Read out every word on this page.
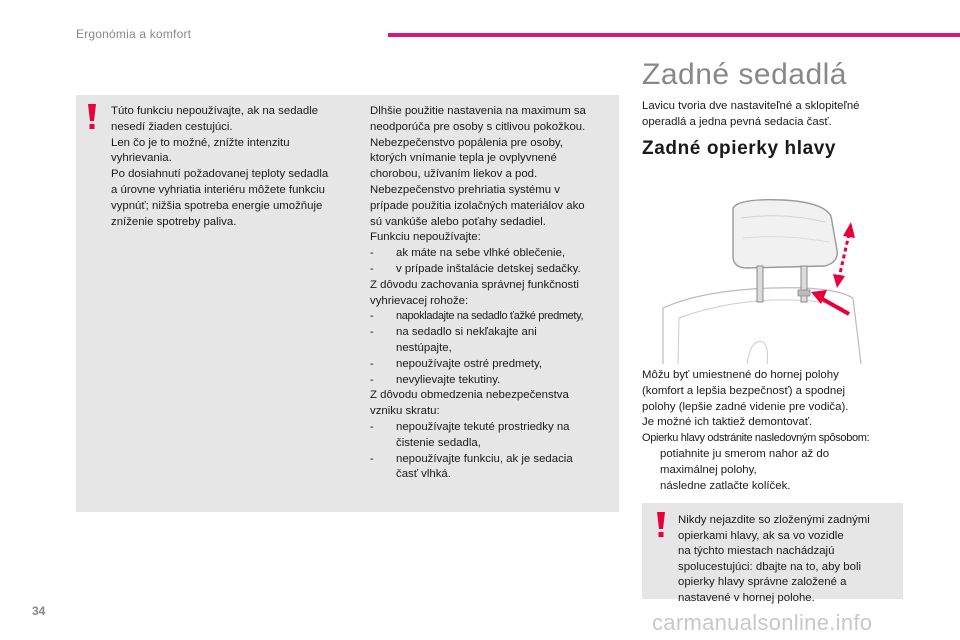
Ergonómia a komfort
Túto funkciu nepoužívajte, ak na sedadle
nesedí žiaden cestujúci.
Len čo je to možné, znížte intenzitu
vyhrievania.
Po dosiahnutí požadovanej teploty sedadla
a úrovne vyhriatia interiéru môžete funkciu
vypnúť; nižšia spotreba energie umožňuje
zníženie spotreby paliva.
Dlhšie použitie nastavenia na maximum sa
neodporúča pre osoby s citlivou pokožkou.
Nebezpečenstvo popálenia pre osoby,
ktorých vnímanie tepla je ovplyvnené
chorobou, užívaním liekov a pod.
Nebezpečenstvo prehriatia systému v
prípade použitia izolačných materiálov ako
sú vankúše alebo poťahy sedadiel.
Funkciu nepoužívajte:
-	ak máte na sebe vlhké oblečenie,
-	v prípade inštalácie detskej sedačky.
Z dôvodu zachovania správnej funkčnosti
vyhrievacej rohože:
-	napokladajte na sedadlo ťažké predmety,
-	na sedadlo si nekľakajte ani
nestúpajte,
-	nepoužívajte ostré predmety,
-	nevylievajte tekutiny.
Z dôvodu obmedzenia nebezpečenstva
vzniku skratu:
-	nepoužívajte tekuté prostriedky na
čistenie sedadla,
-	nepoužívajte funkciu, ak je sedacia
časť vlhká.
Zadné sedadlá
Lavicu tvoria dve nastaviteľné a sklopiteľné
operadlá a jedna pevná sedacia časť.
Zadné opierky hlavy
Môžu byť umiestnené do hornej polohy
(komfort a lepšia bezpečnosť) a spodnej
polohy (lepšie zadné videnie pre vodiča).
Je možné ich taktiež demontovať.
Opierku hlavy odstránite nasledovným spôsobom:
potiahnite ju smerom nahor až do
maximálnej polohy,
následne zatlačte kolíček.
Nikdy nejazdite so zloženými zadnými
opierkami hlavy, ak sa vo vozidle
na týchto miestach nachádzajú
spolucestujúci: dbajte na to, aby boli
opierky hlavy správne založené a
nastavené v hornej polohe.
34	carmanualsonline.info
